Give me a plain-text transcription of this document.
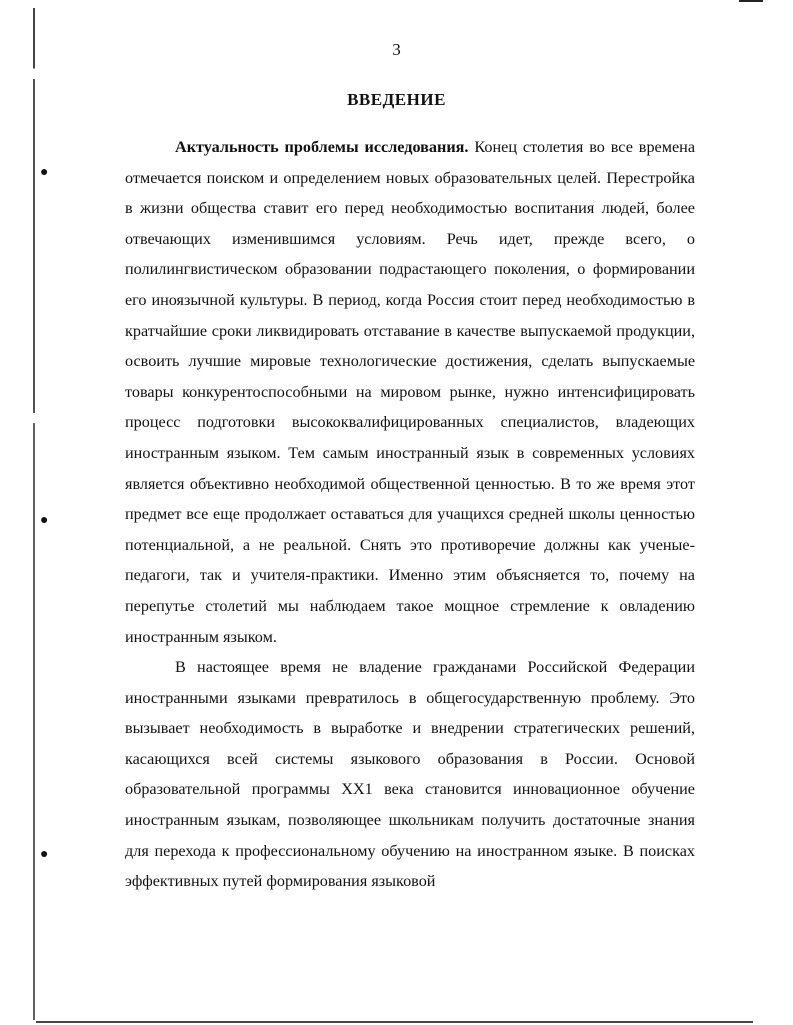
●
●
●

3

ВВЕДЕНИЕ

Актуальность проблемы исследования. Конец столетия во все времена отмечается поиском и определением новых образовательных целей. Перестройка в жизни общества ставит его перед необходимостью воспитания людей, более отвечающих изменившимся условиям. Речь идет, прежде всего, о полилингвистическом образовании подрастающего поколения, о формировании его иноязычной культуры. В период, когда Россия стоит перед необходимостью в кратчайшие сроки ликвидировать отставание в качестве выпускаемой продукции, освоить лучшие мировые технологические достижения, сделать выпускаемые товары конкурентоспособными на мировом рынке, нужно интенсифицировать процесс подготовки высококвалифицированных специалистов, владеющих иностранным языком. Тем самым иностранный язык в современных условиях является объективно необходимой общественной ценностью. В то же время этот предмет все еще продолжает оставаться для учащихся средней школы ценностью потенциальной, а не реальной. Снять это противоречие должны как ученые-педагоги, так и учителя-практики. Именно этим объясняется то, почему на перепутье столетий мы наблюдаем такое мощное стремление к овладению иностранным языком.

В настоящее время не владение гражданами Российской Федерации иностранными языками превратилось в общегосударственную проблему. Это вызывает необходимость в выработке и внедрении стратегических решений, касающихся всей системы языкового образования в России. Основой образовательной программы XX1 века становится инновационное обучение иностранным языкам, позволяющее школьникам получить достаточные знания для перехода к профессиональному обучению на иностранном языке. В поисках эффективных путей формирования языковой
